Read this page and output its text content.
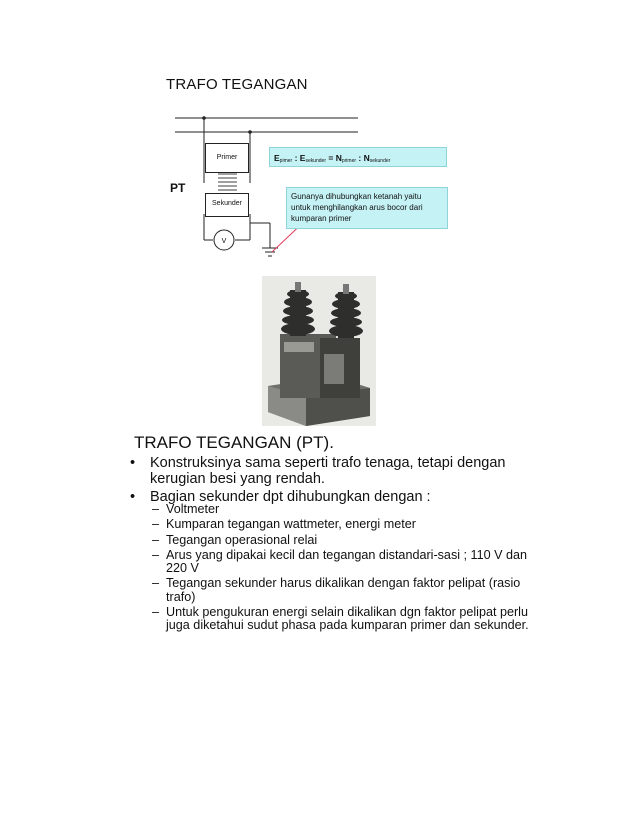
TRAFO TEGANGAN
V
PT
Primer
Sekunder
$E_{pimer}$ : $E_{sekunder} = N_{primer}$ : $N_{sekunder}$
Gunanya dihubungkan ketanah yaitu untuk menghilangkan arus bocor dari kumparan primer
TRAFO TEGANGAN (PT).
• Konstruksinya sama seperti trafo tenaga, tetapi dengan kerugian besi yang rendah.
• Bagian sekunder dpt dihubungkan dengan :
– Voltmeter
– Kumparan tegangan wattmeter, energi meter
– Tegangan operasional relai
– Arus yang dipakai kecil dan tegangan distandari-sasi ; 110 V dan 220 V
– Tegangan sekunder harus dikalikan dengan faktor pelipat (rasio trafo)
– Untuk pengukuran energi selain dikalikan dgn faktor pelipat perlu juga diketahui sudut phasa pada kumparan primer dan sekunder.
